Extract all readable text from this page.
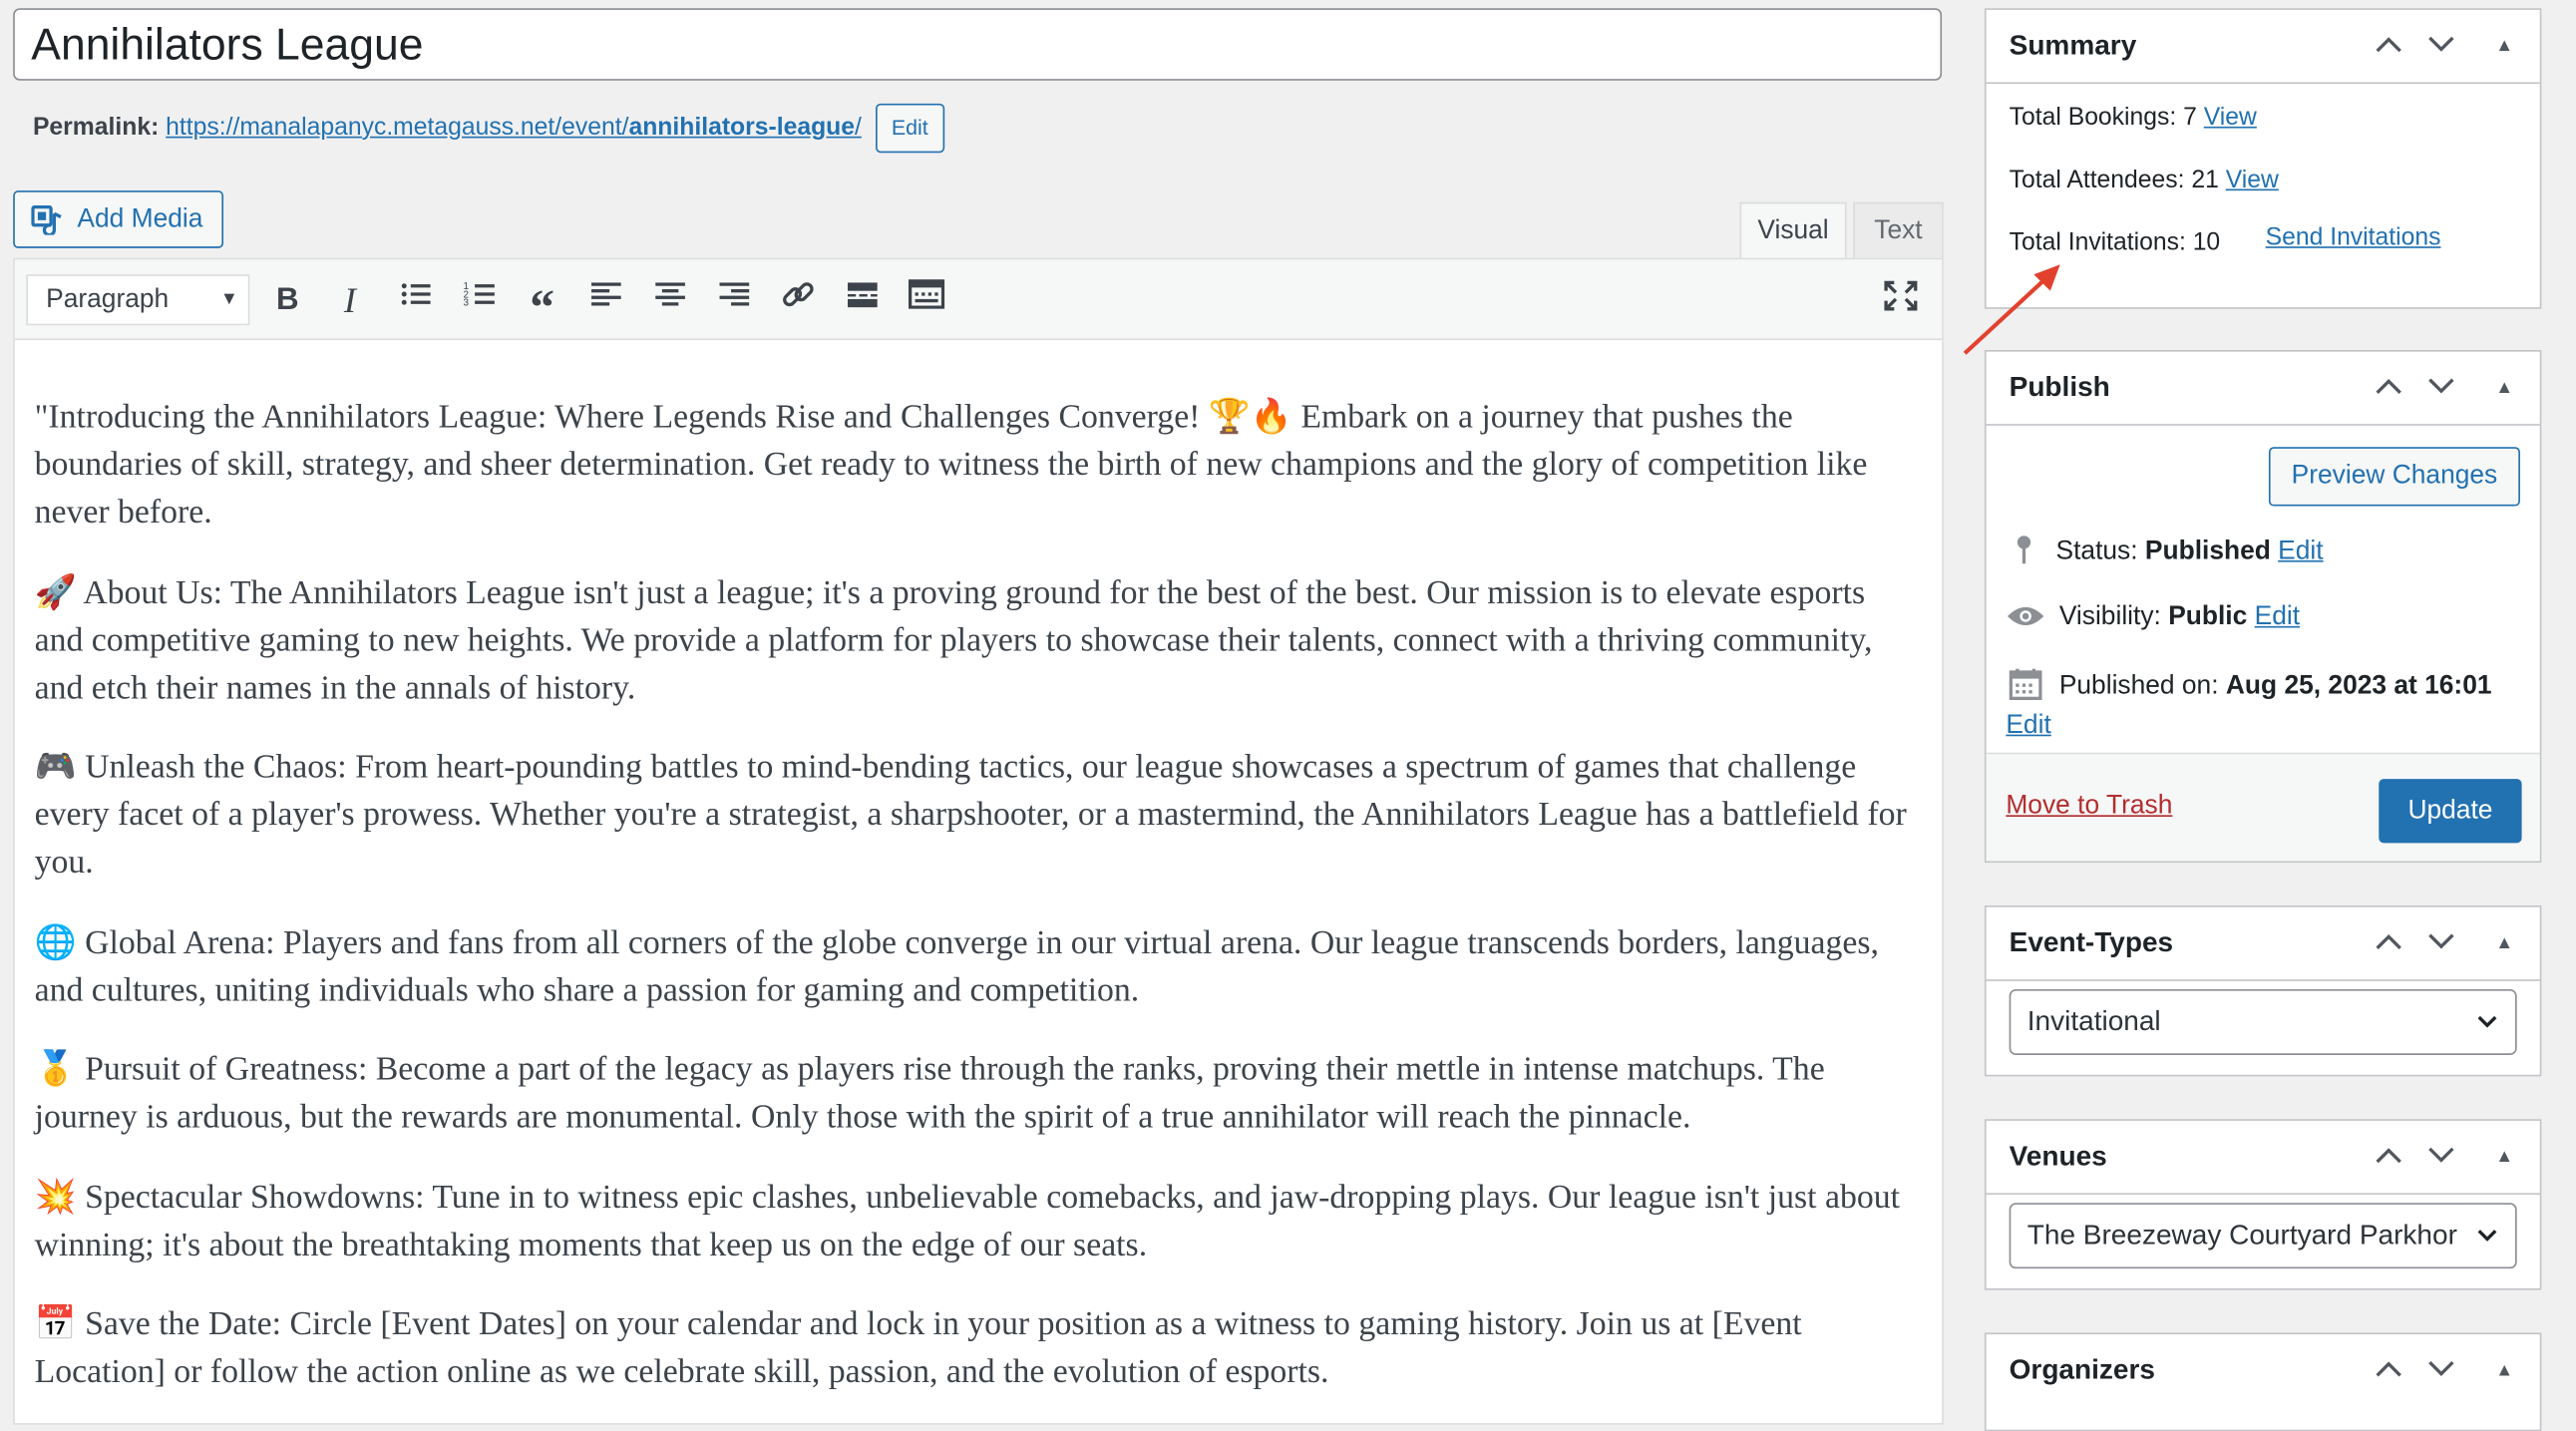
Annihilators League
Permalink: https://manalapanyc.metagauss.net/event/annihilators-league/ Edit
Add Media	Visual	Text
Paragraph	▼	B	I	1
2
3	“

"Introducing the Annihilators League: Where Legends Rise and Challenges Converge! 🏆🔥 Embark on a journey that pushes the boundaries of skill, strategy, and sheer determination. Get ready to witness the birth of new champions and the glory of competition like never before.

🚀 About Us: The Annihilators League isn't just a league; it's a proving ground for the best of the best. Our mission is to elevate esports and competitive gaming to new heights. We provide a platform for players to showcase their talents, connect with a thriving community, and etch their names in the annals of history.

🎮 Unleash the Chaos: From heart-pounding battles to mind-bending tactics, our league showcases a spectrum of games that challenge every facet of a player's prowess. Whether you're a strategist, a sharpshooter, or a mastermind, the Annihilators League has a battlefield for you.

🌐 Global Arena: Players and fans from all corners of the globe converge in our virtual arena. Our league transcends borders, languages, and cultures, uniting individuals who share a passion for gaming and competition.

🥇 Pursuit of Greatness: Become a part of the legacy as players rise through the ranks, proving their mettle in intense matchups. The journey is arduous, but the rewards are monumental. Only those with the spirit of a true annihilator will reach the pinnacle.

💥 Spectacular Showdowns: Tune in to witness epic clashes, unbelievable comebacks, and jaw-dropping plays. Our league isn't just about winning; it's about the breathtaking moments that keep us on the edge of our seats.

📅 Save the Date: Circle [Event Dates] on your calendar and lock in your position as a witness to gaming history. Join us at [Event Location] or follow the action online as we celebrate skill, passion, and the evolution of esports.

Summary	▲
Total Bookings: 7 View
Total Attendees: 21 View
Total Invitations: 10	Send Invitations
Publish	▲
Preview Changes
Status: Published Edit
Visibility: Public Edit
Published on: Aug 25, 2023 at 16:01
Edit
Move to Trash	Update
Event-Types	▲
Invitational
Venues	▲
The Breezeway Courtyard Parkhor
Organizers	▲
